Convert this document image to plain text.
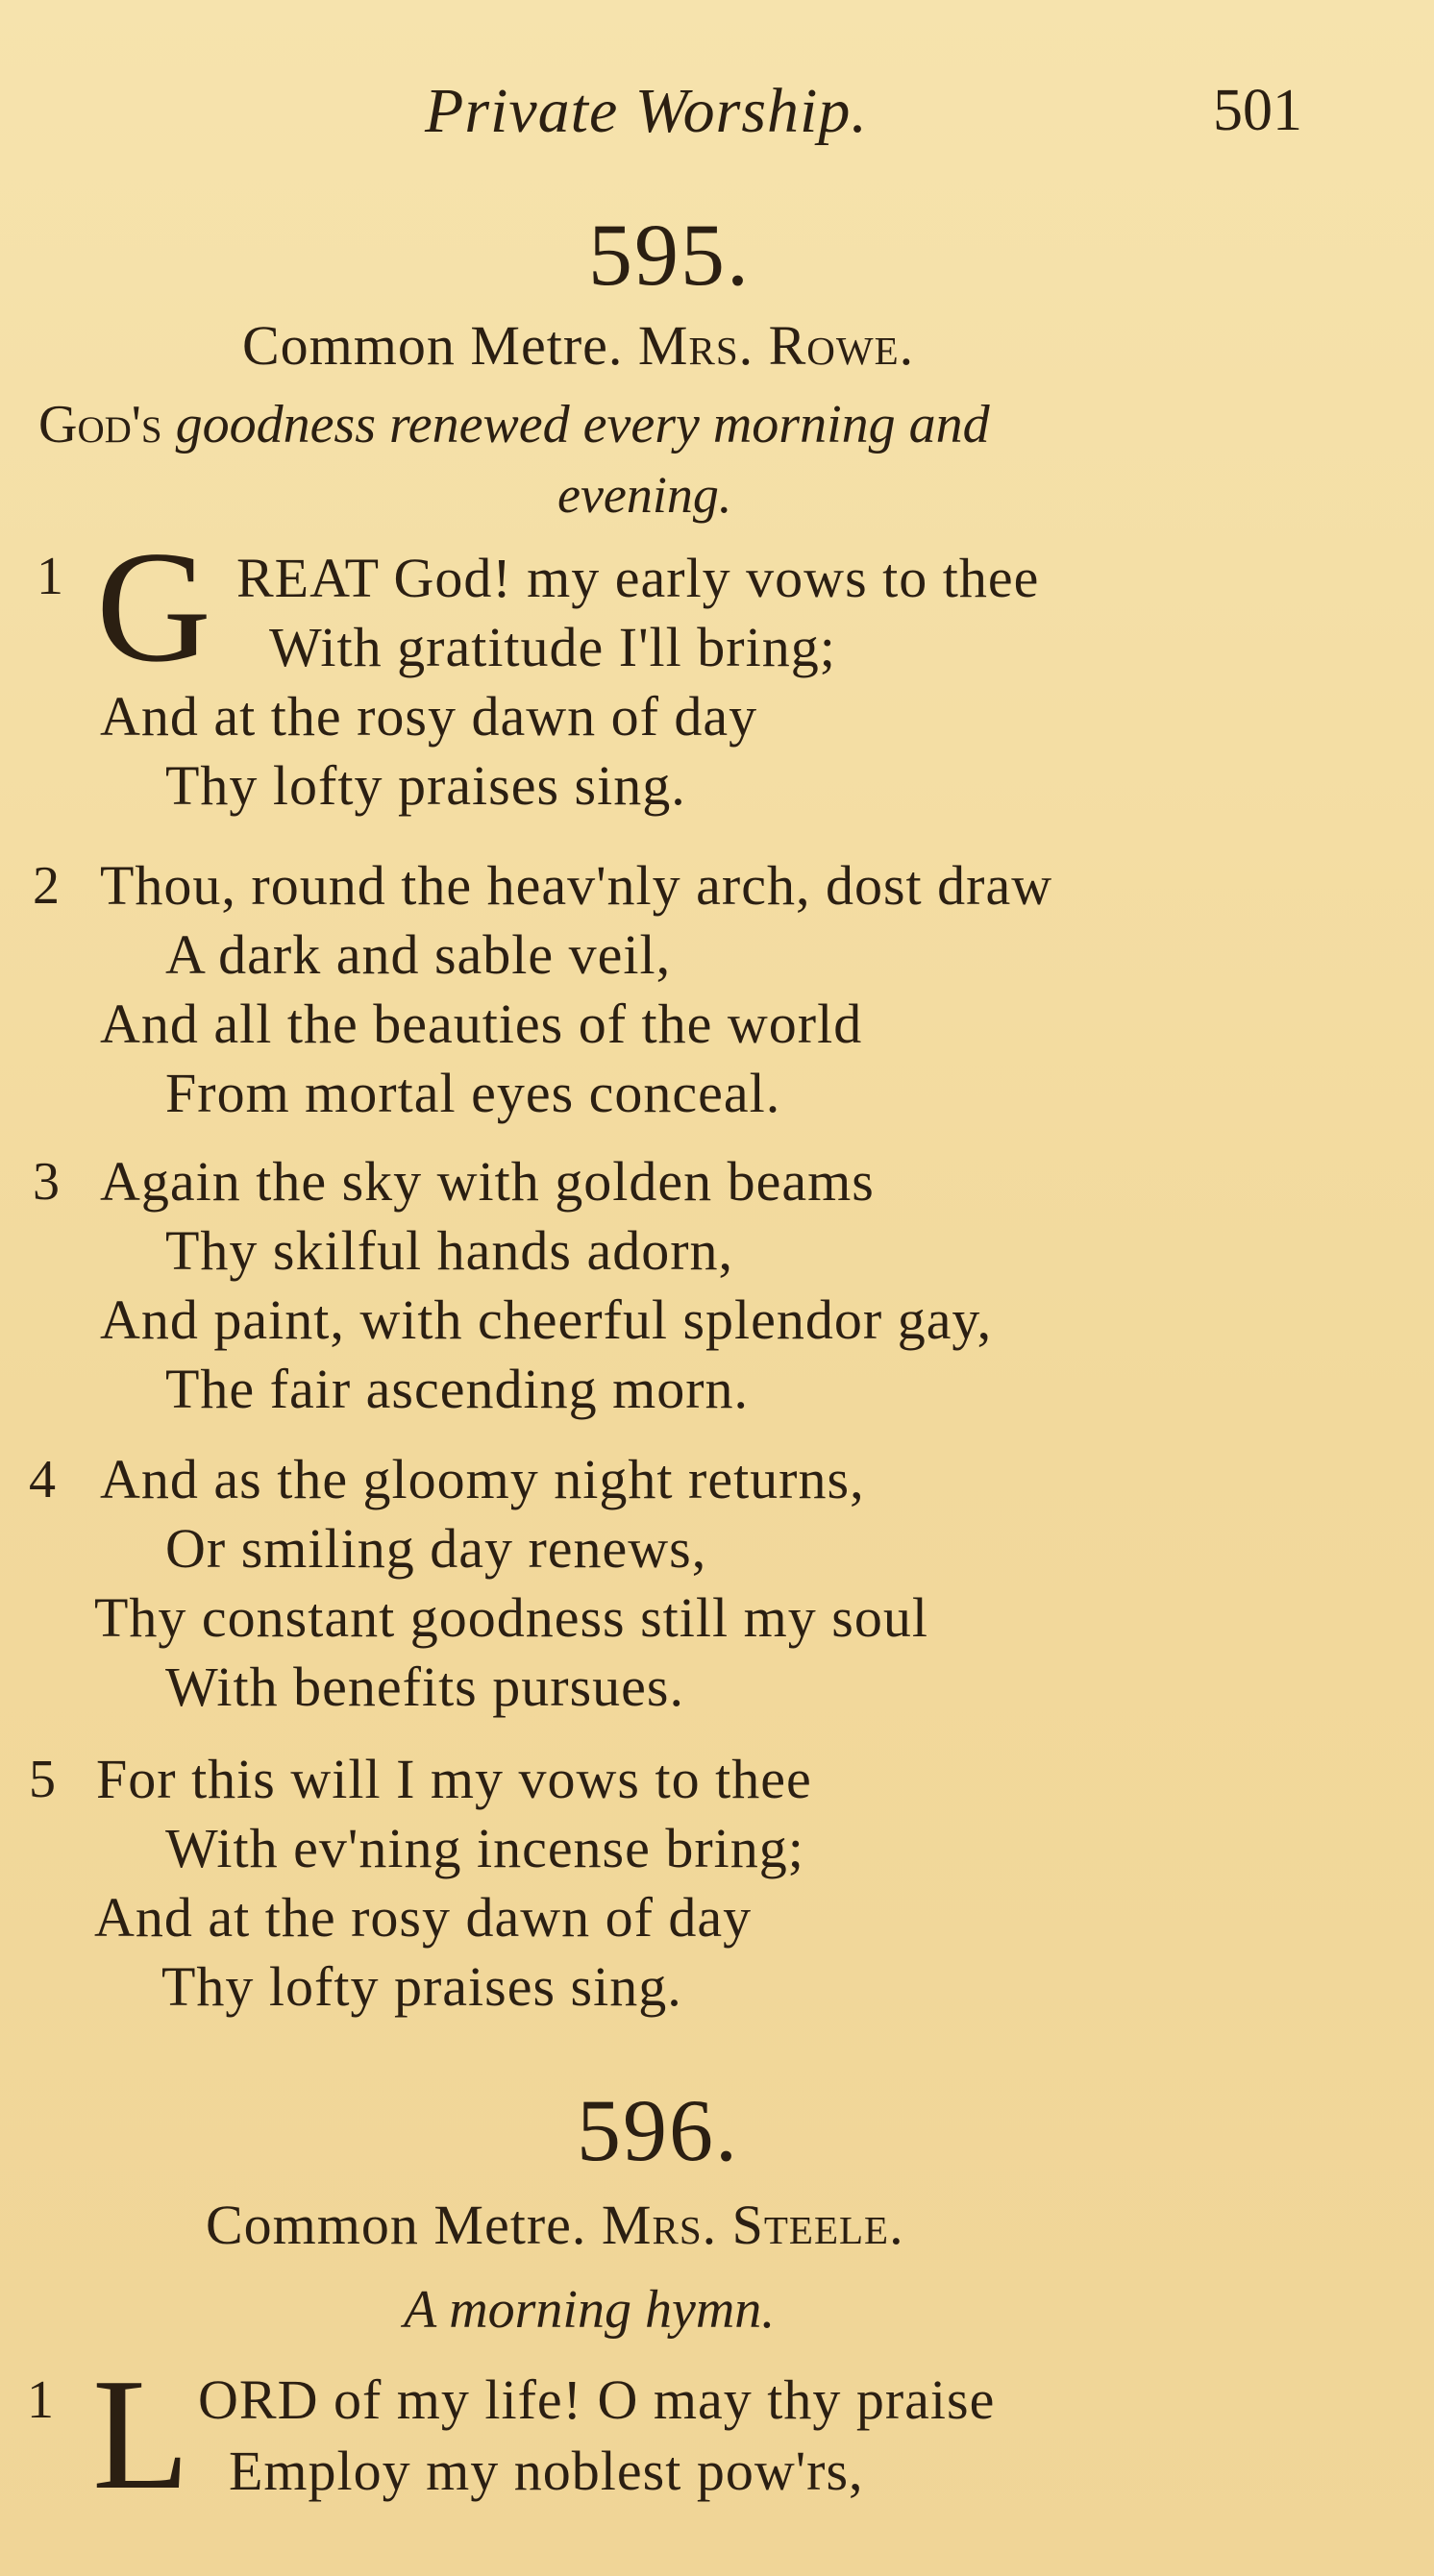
Private Worship.	501
595.
Common Metre. Mrs. Rowe.
God's goodness renewed every morning and
evening.
1 G REAT God! my early vows to thee
With gratitude I'll bring;
And at the rosy dawn of day
Thy lofty praises sing.
2 Thou, round the heav'nly arch, dost draw
A dark and sable veil,
And all the beauties of the world
From mortal eyes conceal.
3 Again the sky with golden beams
Thy skilful hands adorn,
And paint, with cheerful splendor gay,
The fair ascending morn.
4 And as the gloomy night returns,
Or smiling day renews,
Thy constant goodness still my soul
With benefits pursues.
5 For this will I my vows to thee
With ev'ning incense bring;
And at the rosy dawn of day
Thy lofty praises sing.
596.
Common Metre. Mrs. Steele.
A morning hymn.
1 L ORD of my life! O may thy praise
Employ my noblest pow'rs,
